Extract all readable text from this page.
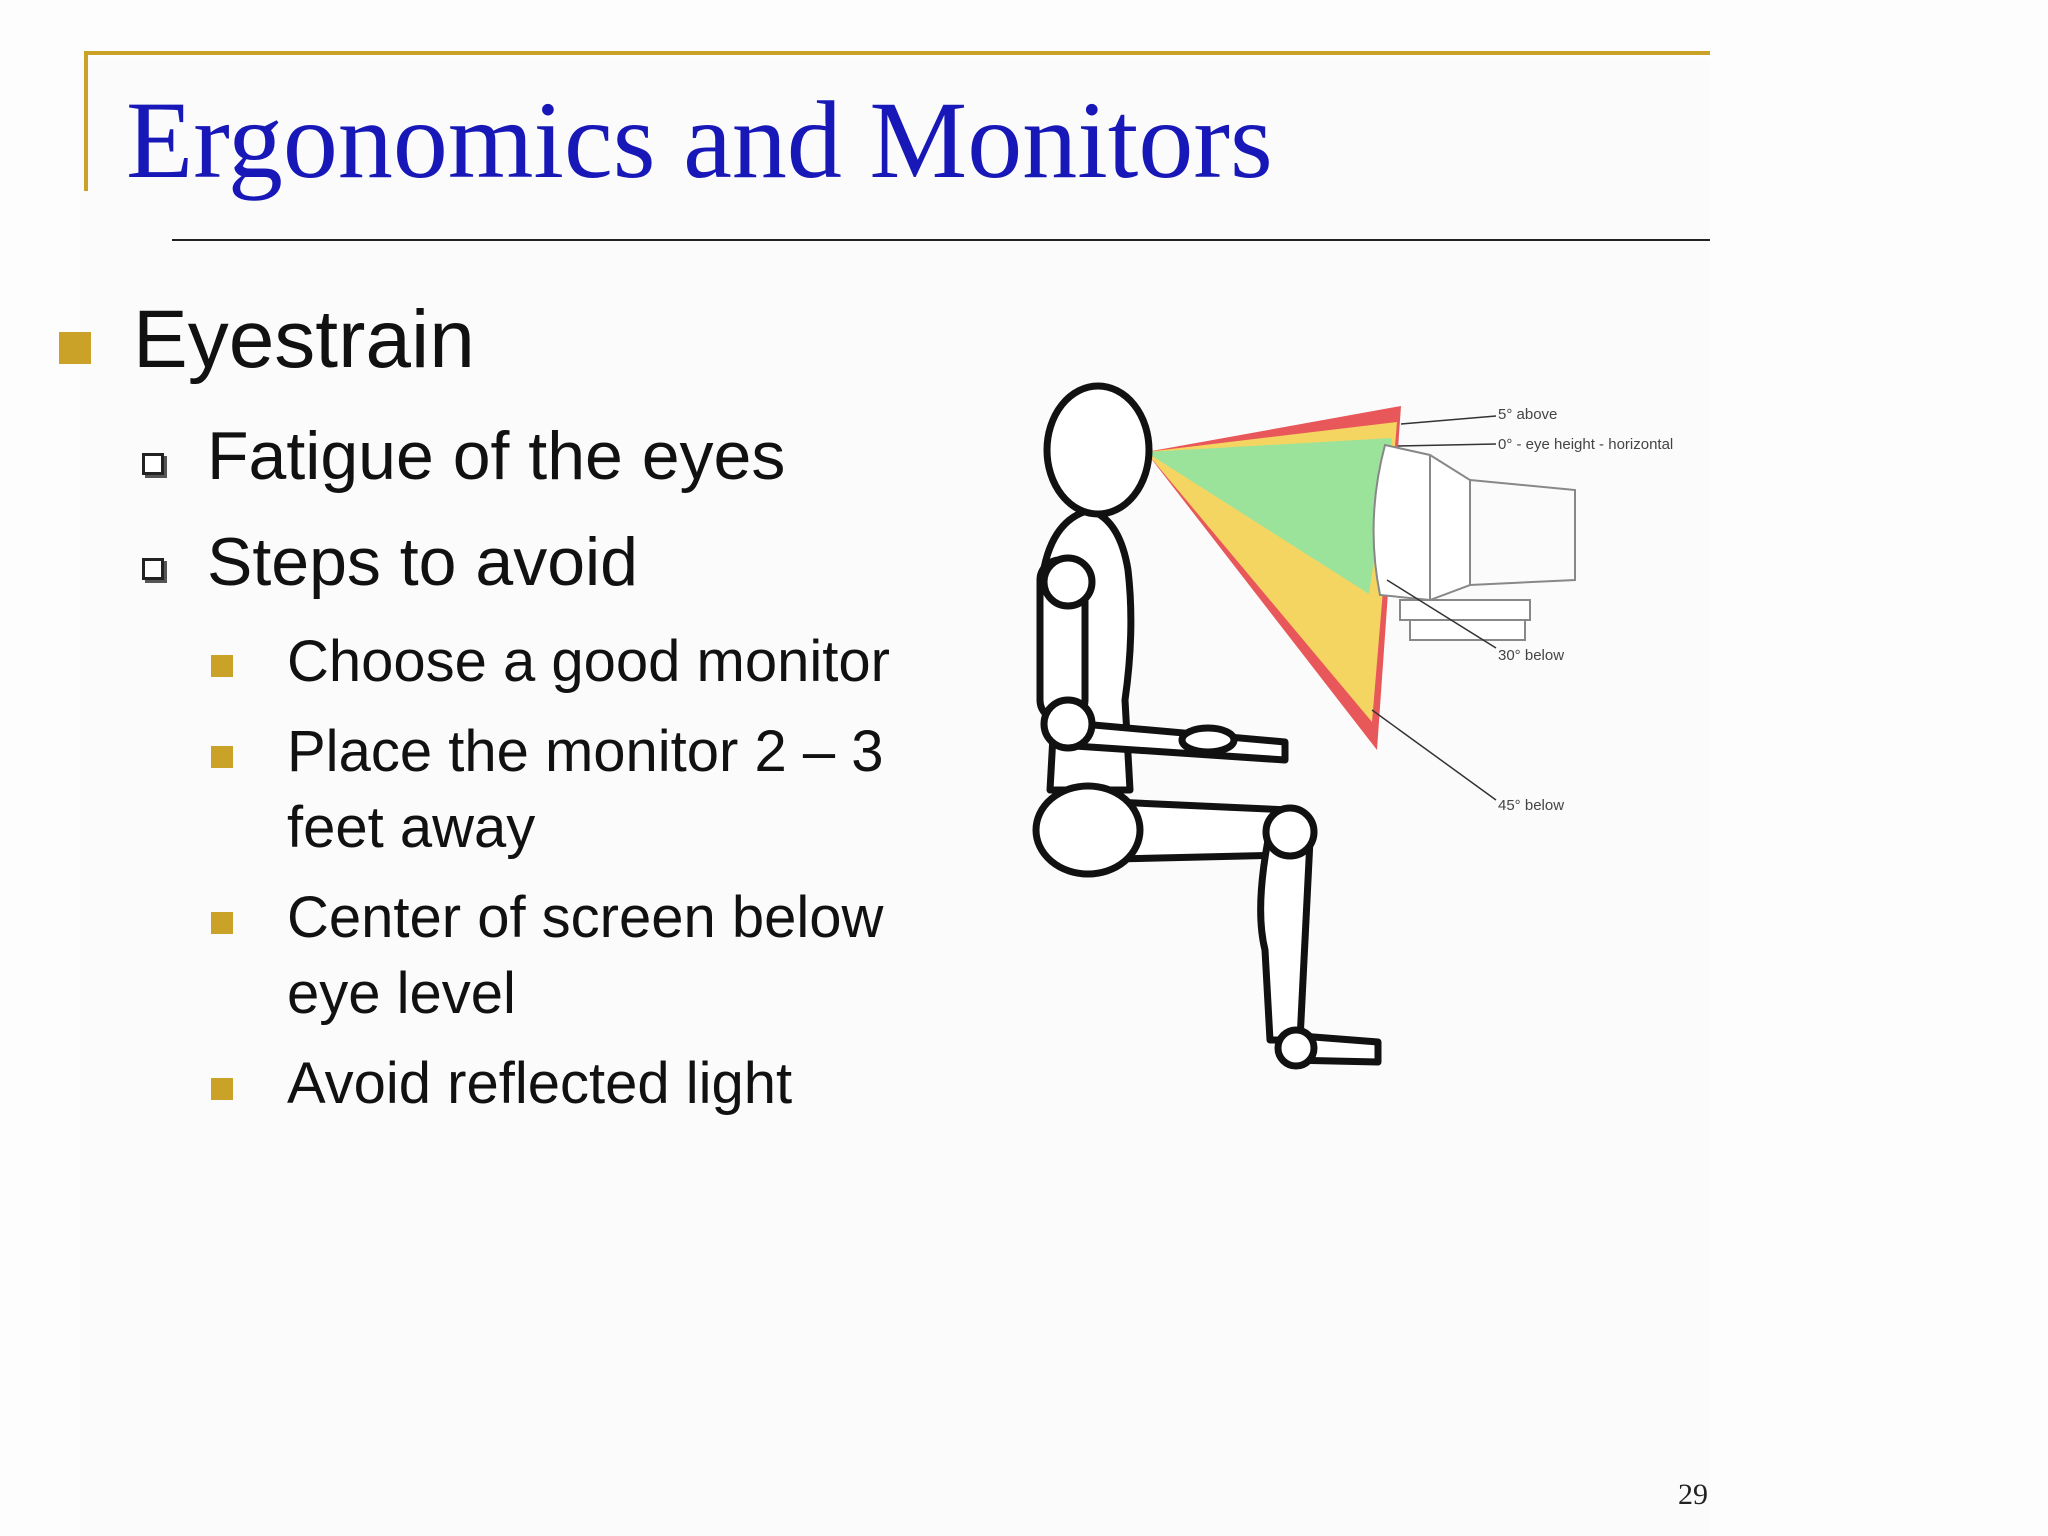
Ergonomics and Monitors
Eyestrain
Fatigue of the eyes
Steps to avoid
Choose a good monitor
Place the monitor 2 – 3
feet away
Center of screen below
eye level
Avoid reflected light
5° above
0° - eye height - horizontal
30° below
45° below
29
